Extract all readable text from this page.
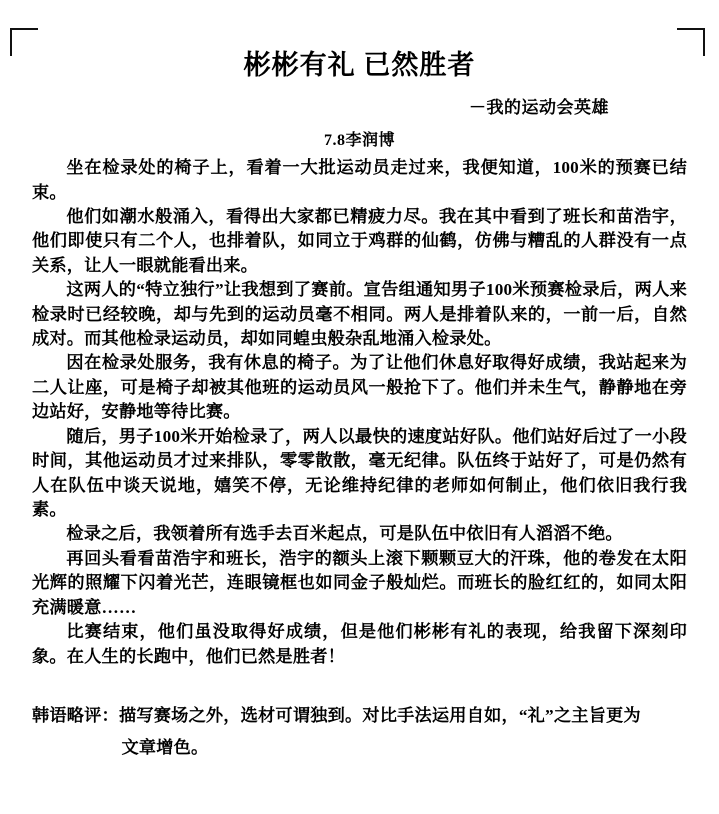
彬彬有礼 已然胜者
－我的运动会英雄
7.8李润博

坐在检录处的椅子上，看着一大批运动员走过来，我便知道，100米的预赛已结束。

他们如潮水般涌入，看得出大家都已精疲力尽。我在其中看到了班长和苗浩宇，他们即使只有二个人，也排着队，如同立于鸡群的仙鹤，仿佛与糟乱的人群没有一点关系，让人一眼就能看出来。

这两人的“特立独行”让我想到了赛前。宣告组通知男子100米预赛检录后，两人来检录时已经较晚，却与先到的运动员毫不相同。两人是排着队来的，一前一后，自然成对。而其他检录运动员，却如同蝗虫般杂乱地涌入检录处。

因在检录处服务，我有休息的椅子。为了让他们休息好取得好成绩，我站起来为二人让座，可是椅子却被其他班的运动员风一般抢下了。他们并未生气，静静地在旁边站好，安静地等待比赛。

随后，男子100米开始检录了，两人以最快的速度站好队。他们站好后过了一小段时间，其他运动员才过来排队，零零散散，毫无纪律。队伍终于站好了，可是仍然有人在队伍中谈天说地，嬉笑不停，无论维持纪律的老师如何制止，他们依旧我行我素。

检录之后，我领着所有选手去百米起点，可是队伍中依旧有人滔滔不绝。

再回头看看苗浩宇和班长，浩宇的额头上滚下颗颗豆大的汗珠，他的卷发在太阳光辉的照耀下闪着光芒，连眼镜框也如同金子般灿烂。而班长的脸红红的，如同太阳充满暖意……

比赛结束，他们虽没取得好成绩，但是他们彬彬有礼的表现，给我留下深刻印象。在人生的长跑中，他们已然是胜者！

韩语略评：描写赛场之外，选材可谓独到。对比手法运用自如，“礼”之主旨更为

文章增色。
